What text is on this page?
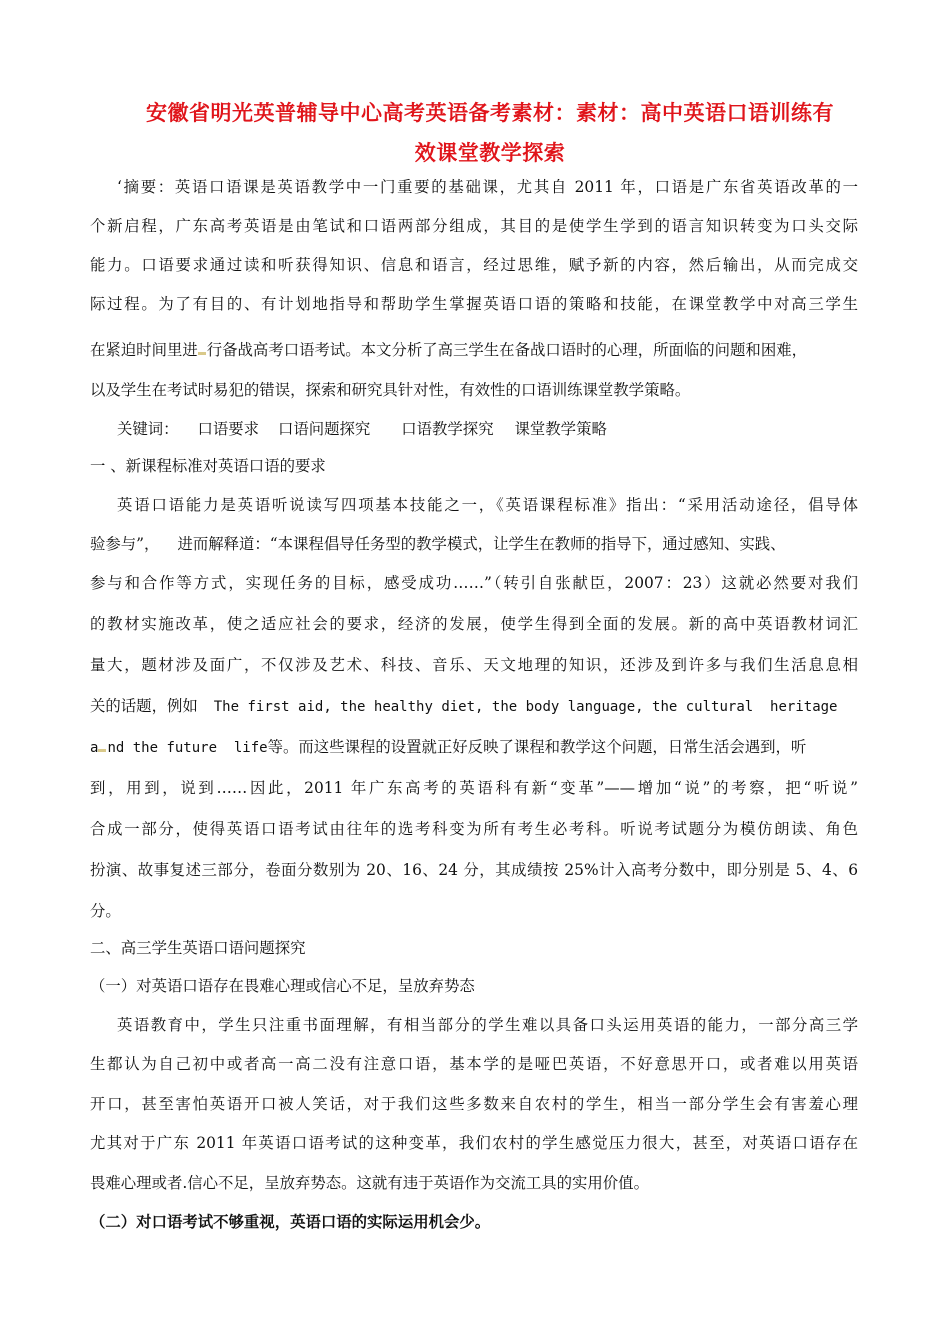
安徽省明光英普辅导中心高考英语备考素材：素材：高中英语口语训练有
效课堂教学探索
‘摘要：英语口语课是英语教学中一门重要的基础课，尤其自 2011 年，口语是广东省英语改革的一
个新启程，广东高考英语是由笔试和口语两部分组成，其目的是使学生学到的语言知识转变为口头交际
能力。口语要求通过读和听获得知识、信息和语言，经过思维，赋予新的内容，然后输出，从而完成交
际过程。为了有目的、有计划地指导和帮助学生掌握英语口语的策略和技能，在课堂教学中对高三学生
在紧迫时间里进 行备战高考口语考试。本文分析了高三学生在备战口语时的心理，所面临的问题和困难，
以及学生在考试时易犯的错误，探索和研究具针对性，有效性的口语训练课堂教学策略。
关键词： 口语要求 口语问题探究 口语教学探究 课堂教学策略
一 、新课程标准对英语口语的要求
英语口语能力是英语听说读写四项基本技能之一，《英语课程标准》指出：“采用活动途径，倡导体
验参与”， 进而解释道：“本课程倡导任务型的教学模式，让学生在教师的指导下，通过感知、实践、
参与和合作等方式，实现任务的目标，感受成功……”（转引自张献臣，2007：23）这就必然要对我们
的教材实施改革，使之适应社会的要求，经济的发展，使学生得到全面的发展。新的高中英语教材词汇
量大，题材涉及面广，不仅涉及艺术、科技、音乐、天文地理的知识，还涉及到许多与我们生活息息相
关的话题，例如 The first aid, the healthy diet, the body language, the cultural  heritage
a nd the future  life等。而这些课程的设置就正好反映了课程和教学这个问题，日常生活会遇到，听
到，用到，说到……因此，2011 年广东高考的英语科有新“变革”——增加“说”的考察，把“听说”
合成一部分，使得英语口语考试由往年的选考科变为所有考生必考科。听说考试题分为模仿朗读、角色
扮演、故事复述三部分，卷面分数别为 20、16、24 分，其成绩按 25%计入高考分数中，即分别是 5、4、6
分。
二、高三学生英语口语问题探究
（一）对英语口语存在畏难心理或信心不足，呈放弃势态
英语教育中，学生只注重书面理解，有相当部分的学生难以具备口头运用英语的能力，一部分高三学
生都认为自己初中或者高一高二没有注意口语，基本学的是哑巴英语，不好意思开口，或者难以用英语
开口，甚至害怕英语开口被人笑话，对于我们这些多数来自农村的学生，相当一部分学生会有害羞心理
尤其对于广东 2011 年英语口语考试的这种变革，我们农村的学生感觉压力很大，甚至，对英语口语存在
畏难心理或者.信心不足，呈放弃势态。这就有违于英语作为交流工具的实用价值。
（二）对口语考试不够重视，英语口语的实际运用机会少。
